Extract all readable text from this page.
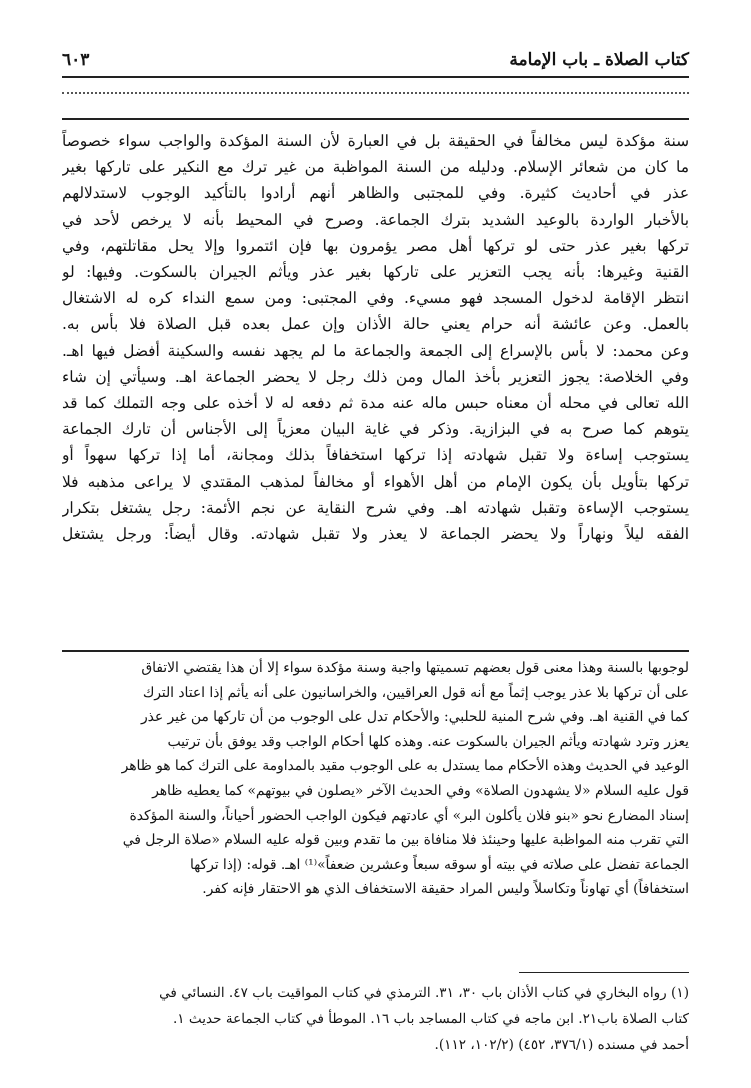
كتاب الصلاة ـ باب الإمامة
٦٠٣
سنة مؤكدة ليس مخالفاً في الحقيقة بل في العبارة لأن السنة المؤكدة والواجب سواء خصوصاً
ما كان من شعائر الإسلام. ودليله من السنة المواظبة من غير ترك مع النكير على تاركها بغير
عذر في أحاديث كثيرة. وفي للمجتبى والظاهر أنهم أرادوا بالتأكيد الوجوب لاستدلالهم
بالأخبار الواردة بالوعيد الشديد بترك الجماعة. وصرح في المحيط بأنه لا يرخص لأحد في
تركها بغير عذر حتى لو تركها أهل مصر يؤمرون بها فإن ائتمروا وإلا يحل مقاتلتهم، وفي
القنية وغيرها: بأنه يجب التعزير على تاركها بغير عذر ويأثم الجيران بالسكوت. وفيها: لو
انتظر الإقامة لدخول المسجد فهو مسيء. وفي المجتبى: ومن سمع النداء كره له الاشتغال
بالعمل. وعن عائشة أنه حرام يعني حالة الأذان وإن عمل بعده قبل الصلاة فلا بأس به.
وعن محمد: لا بأس بالإسراع إلى الجمعة والجماعة ما لم يجهد نفسه والسكينة أفضل فيها اهـ.
وفي الخلاصة: يجوز التعزير بأخذ المال ومن ذلك رجل لا يحضر الجماعة اهـ. وسيأتي إن شاء
الله تعالى في محله أن معناه حبس ماله عنه مدة ثم دفعه له لا أخذه على وجه التملك كما قد
يتوهم كما صرح به في البزازية. وذكر في غاية البيان معزياً إلى الأجناس أن تارك الجماعة
يستوجب إساءة ولا تقبل شهادته إذا تركها استخفافاً بذلك ومجانة، أما إذا تركها سهواً أو
تركها بتأويل بأن يكون الإمام من أهل الأهواء أو مخالفاً لمذهب المقتدي لا يراعى مذهبه فلا
يستوجب الإساءة وتقبل شهادته اهـ. وفي شرح النقاية عن نجم الأئمة: رجل يشتغل بتكرار
الفقه ليلاً ونهاراً ولا يحضر الجماعة لا يعذر ولا تقبل شهادته. وقال أيضاً: ورجل يشتغل
لوجوبها بالسنة وهذا معنى قول بعضهم تسميتها واجبة وسنة مؤكدة سواء إلا أن هذا يقتضي الاتفاق
على أن تركها بلا عذر يوجب إثماً مع أنه قول العراقيين، والخراسانيون على أنه يأثم إذا اعتاد الترك
كما في القنية اهـ. وفي شرح المنية للحلبي: والأحكام تدل على الوجوب من أن تاركها من غير عذر
يعزر وترد شهادته ويأثم الجيران بالسكوت عنه. وهذه كلها أحكام الواجب وقد يوفق بأن ترتيب
الوعيد في الحديث وهذه الأحكام مما يستدل به على الوجوب مقيد بالمداومة على الترك كما هو ظاهر
قول عليه السلام «لا يشهدون الصلاة» وفي الحديث الآخر «يصلون في بيوتهم» كما يعطيه ظاهر
إسناد المضارع نحو «بنو فلان يأكلون البر» أي عادتهم فيكون الواجب الحضور أحياناً، والسنة المؤكدة
التي تقرب منه المواظبة عليها وحينئذ فلا منافاة بين ما تقدم وبين قوله عليه السلام «صلاة الرجل في
الجماعة تفضل على صلاته في بيته أو سوقه سبعاً وعشرين ضعفاً»⁽¹⁾ اهـ. قوله: (إذا تركها
استخفافاً) أي تهاوناً وتكاسلاً وليس المراد حقيقة الاستخفاف الذي هو الاحتقار فإنه كفر.
(١) رواه البخاري في كتاب الأذان باب ٣٠، ٣١. الترمذي في كتاب المواقيت باب ٤٧. النسائي في
كتاب الصلاة باب٢١. ابن ماجه في كتاب المساجد باب ١٦. الموطأ في كتاب الجماعة حديث ١.
أحمد في مسنده (٣٧٦/١، ٤٥٢) (١٠٢/٢، ١١٢).
